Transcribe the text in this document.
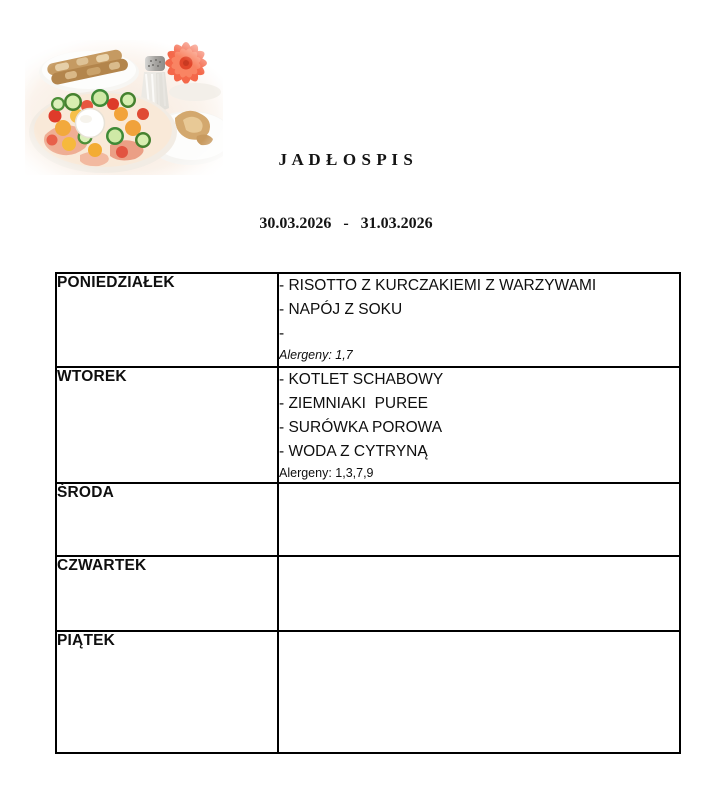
J A D Ł O S P I S
30.03.2026   -   31.03.2026
PONIEDZIAŁEK	- RISOTTO Z KURCZAKIEMI Z WARZYWAMI
- NAPÓJ Z SOKU
-
Alergeny: 1,7

WTOREK	- KOTLET SCHABOWY
- ZIEMNIAKI  PUREE
- SURÓWKA POROWA
- WODA Z CYTRYNĄ
Alergeny: 1,3,7,9

ŚRODA	
CZWARTEK	
PIĄTEK	
